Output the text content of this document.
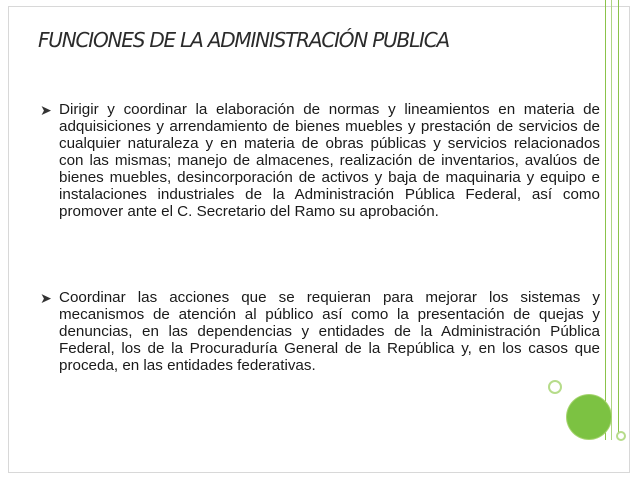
FUNCIONES DE LA ADMINISTRACIÓN PUBLICA
➤ Dirigir y coordinar la elaboración de normas y lineamientos en materia de adquisiciones y arrendamiento de bienes muebles y prestación de servicios de cualquier naturaleza y en materia de obras públicas y servicios relacionados con las mismas; manejo de almacenes, realización de inventarios, avalúos de bienes muebles, desincorporación de activos y baja de maquinaria y equipo e instalaciones industriales de la Administración Pública Federal, así como promover ante el C. Secretario del Ramo su aprobación.
➤ Coordinar las acciones que se requieran para mejorar los sistemas y mecanismos de atención al público así como la presentación de quejas y denuncias, en las dependencias y entidades de la Administración Pública Federal, los de la Procuraduría General de la República y, en los casos que proceda, en las entidades federativas.
